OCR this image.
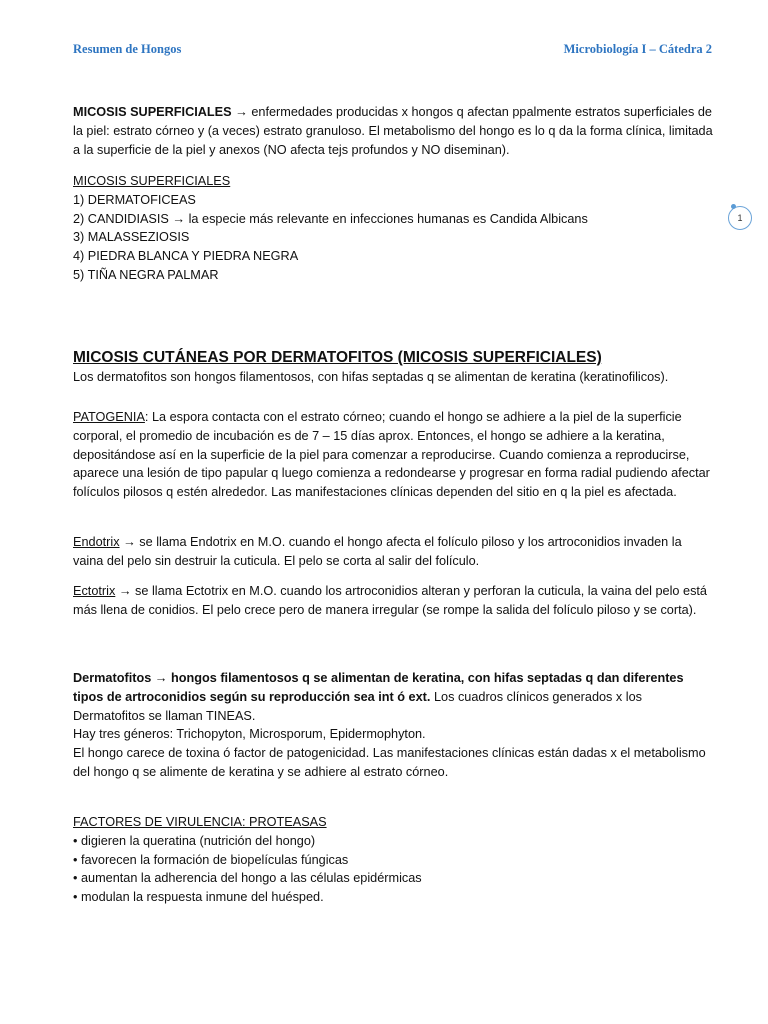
Resumen de Hongos	Microbiología I – Cátedra 2
1

MICOSIS SUPERFICIALES → enfermedades producidas x hongos q afectan ppalmente estratos superficiales de la piel: estrato córneo y (a veces) estrato granuloso. El metabolismo del hongo es lo q da la forma clínica, limitada a la superficie de la piel y anexos (NO afecta tejs profundos y NO diseminan).

MICOSIS SUPERFICIALES

1) DERMATOFICEAS

2) CANDIDIASIS → la especie más relevante en infecciones humanas es Candida Albicans

3) MALASSEZIOSIS

4) PIEDRA BLANCA Y PIEDRA NEGRA

5) TIÑA NEGRA PALMAR

MICOSIS CUTÁNEAS POR DERMATOFITOS (MICOSIS SUPERFICIALES)

Los dermatofitos son hongos filamentosos, con hifas septadas q se alimentan de keratina (keratinofilicos).

PATOGENIA: La espora contacta con el estrato córneo; cuando el hongo se adhiere a la piel de la superficie corporal, el promedio de incubación es de 7 – 15 días aprox. Entonces, el hongo se adhiere a la keratina, depositándose así en la superficie de la piel para comenzar a reproducirse. Cuando comienza a reproducirse, aparece una lesión de tipo papular q luego comienza a redondearse y progresar en forma radial pudiendo afectar folículos pilosos q estén alrededor. Las manifestaciones clínicas dependen del sitio en q la piel es afectada.

Endotrix → se llama Endotrix en M.O. cuando el hongo afecta el folículo piloso y los artroconidios invaden la vaina del pelo sin destruir la cuticula. El pelo se corta al salir del folículo.

Ectotrix → se llama Ectotrix en M.O. cuando los artroconidios alteran y perforan la cuticula, la vaina del pelo está más llena de conidios. El pelo crece pero de manera irregular (se rompe la salida del folículo piloso y se corta).

Dermatofitos → hongos filamentosos q se alimentan de keratina, con hifas septadas q dan diferentes tipos de artroconidios según su reproducción sea int ó ext. Los cuadros clínicos generados x los Dermatofitos se llaman TINEAS.

Hay tres géneros: Trichopyton, Microsporum, Epidermophyton.

El hongo carece de toxina ó factor de patogenicidad. Las manifestaciones clínicas están dadas x el metabolismo del hongo q se alimente de keratina y se adhiere al estrato córneo.

FACTORES DE VIRULENCIA: PROTEASAS

• digieren la queratina (nutrición del hongo)

• favorecen la formación de biopelículas fúngicas

• aumentan la adherencia del hongo a las células epidérmicas

• modulan la respuesta inmune del huésped.
